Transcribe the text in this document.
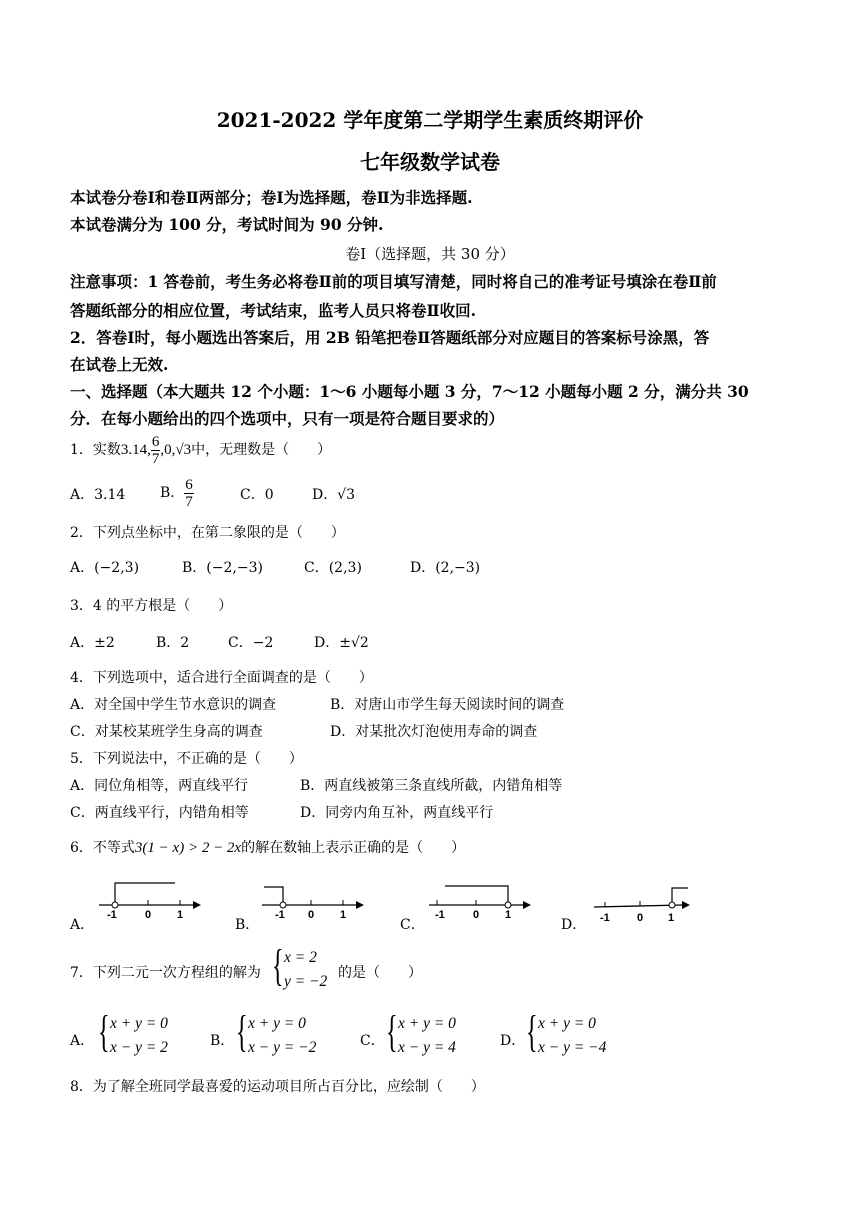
2021-2022 学年度第二学期学生素质终期评价
七年级数学试卷
本试卷分卷Ⅰ和卷Ⅱ两部分；卷Ⅰ为选择题，卷Ⅱ为非选择题.
本试卷满分为 100 分，考试时间为 90 分钟.
卷Ⅰ（选择题，共 30 分）
注意事项：1 答卷前，考生务必将卷Ⅱ前的项目填写清楚，同时将自己的准考证号填涂在卷Ⅱ前
答题纸部分的相应位置，考试结束，监考人员只将卷Ⅱ收回.
2．答卷Ⅰ时，每小题选出答案后，用 2B 铅笔把卷Ⅱ答题纸部分对应题目的答案标号涂黑，答
在试卷上无效.
一、选择题（本大题共 12 个小题：1～6 小题每小题 3 分，7～12 小题每小题 2 分，满分共 30
分．在每小题给出的四个选项中，只有一项是符合题目要求的）
1．实数3.14, $\frac{6}{7} ,0,√3$中，无理数是（　　）
A．3.14 B． $\frac{6}{7}$	C．0	D．√3
2．下列点坐标中，在第二象限的是（　　）
A．(−2,3)	B．(−2,−3)	C．(2,3)	D．(2,−3)
3．4 的平方根是（　　）
A．±2	B．2	C．−2	D．±√2
4．下列选项中，适合进行全面调查的是（　　）
A．对全国中学生节水意识的调查	B．对唐山市学生每天阅读时间的调查
C．对某校某班学生身高的调查	D．对某批次灯泡使用寿命的调查
5．下列说法中，不正确的是（　　）
A．同位角相等，两直线平行	B．两直线被第三条直线所截，内错角相等
C．两直线平行，内错角相等	D．同旁内角互补，两直线平行
6．不等式3(1 − x) > 2 − 2x的解在数轴上表示正确的是（　　）
A．	B．	C．	D．
-1	0 1	-1 0 1	-1	0 1	-1 0 1
7．下列二元一次方程组的解为 { x = 2
y = −2 的是（　　）
A． { x + y = 0
x − y = 2	B． { x + y = 0
x − y = −2	C． { x + y = 0
x − y = 4	D． { x + y = 0
x − y = −4
8．为了解全班同学最喜爱的运动项目所占百分比，应绘制（　　）
